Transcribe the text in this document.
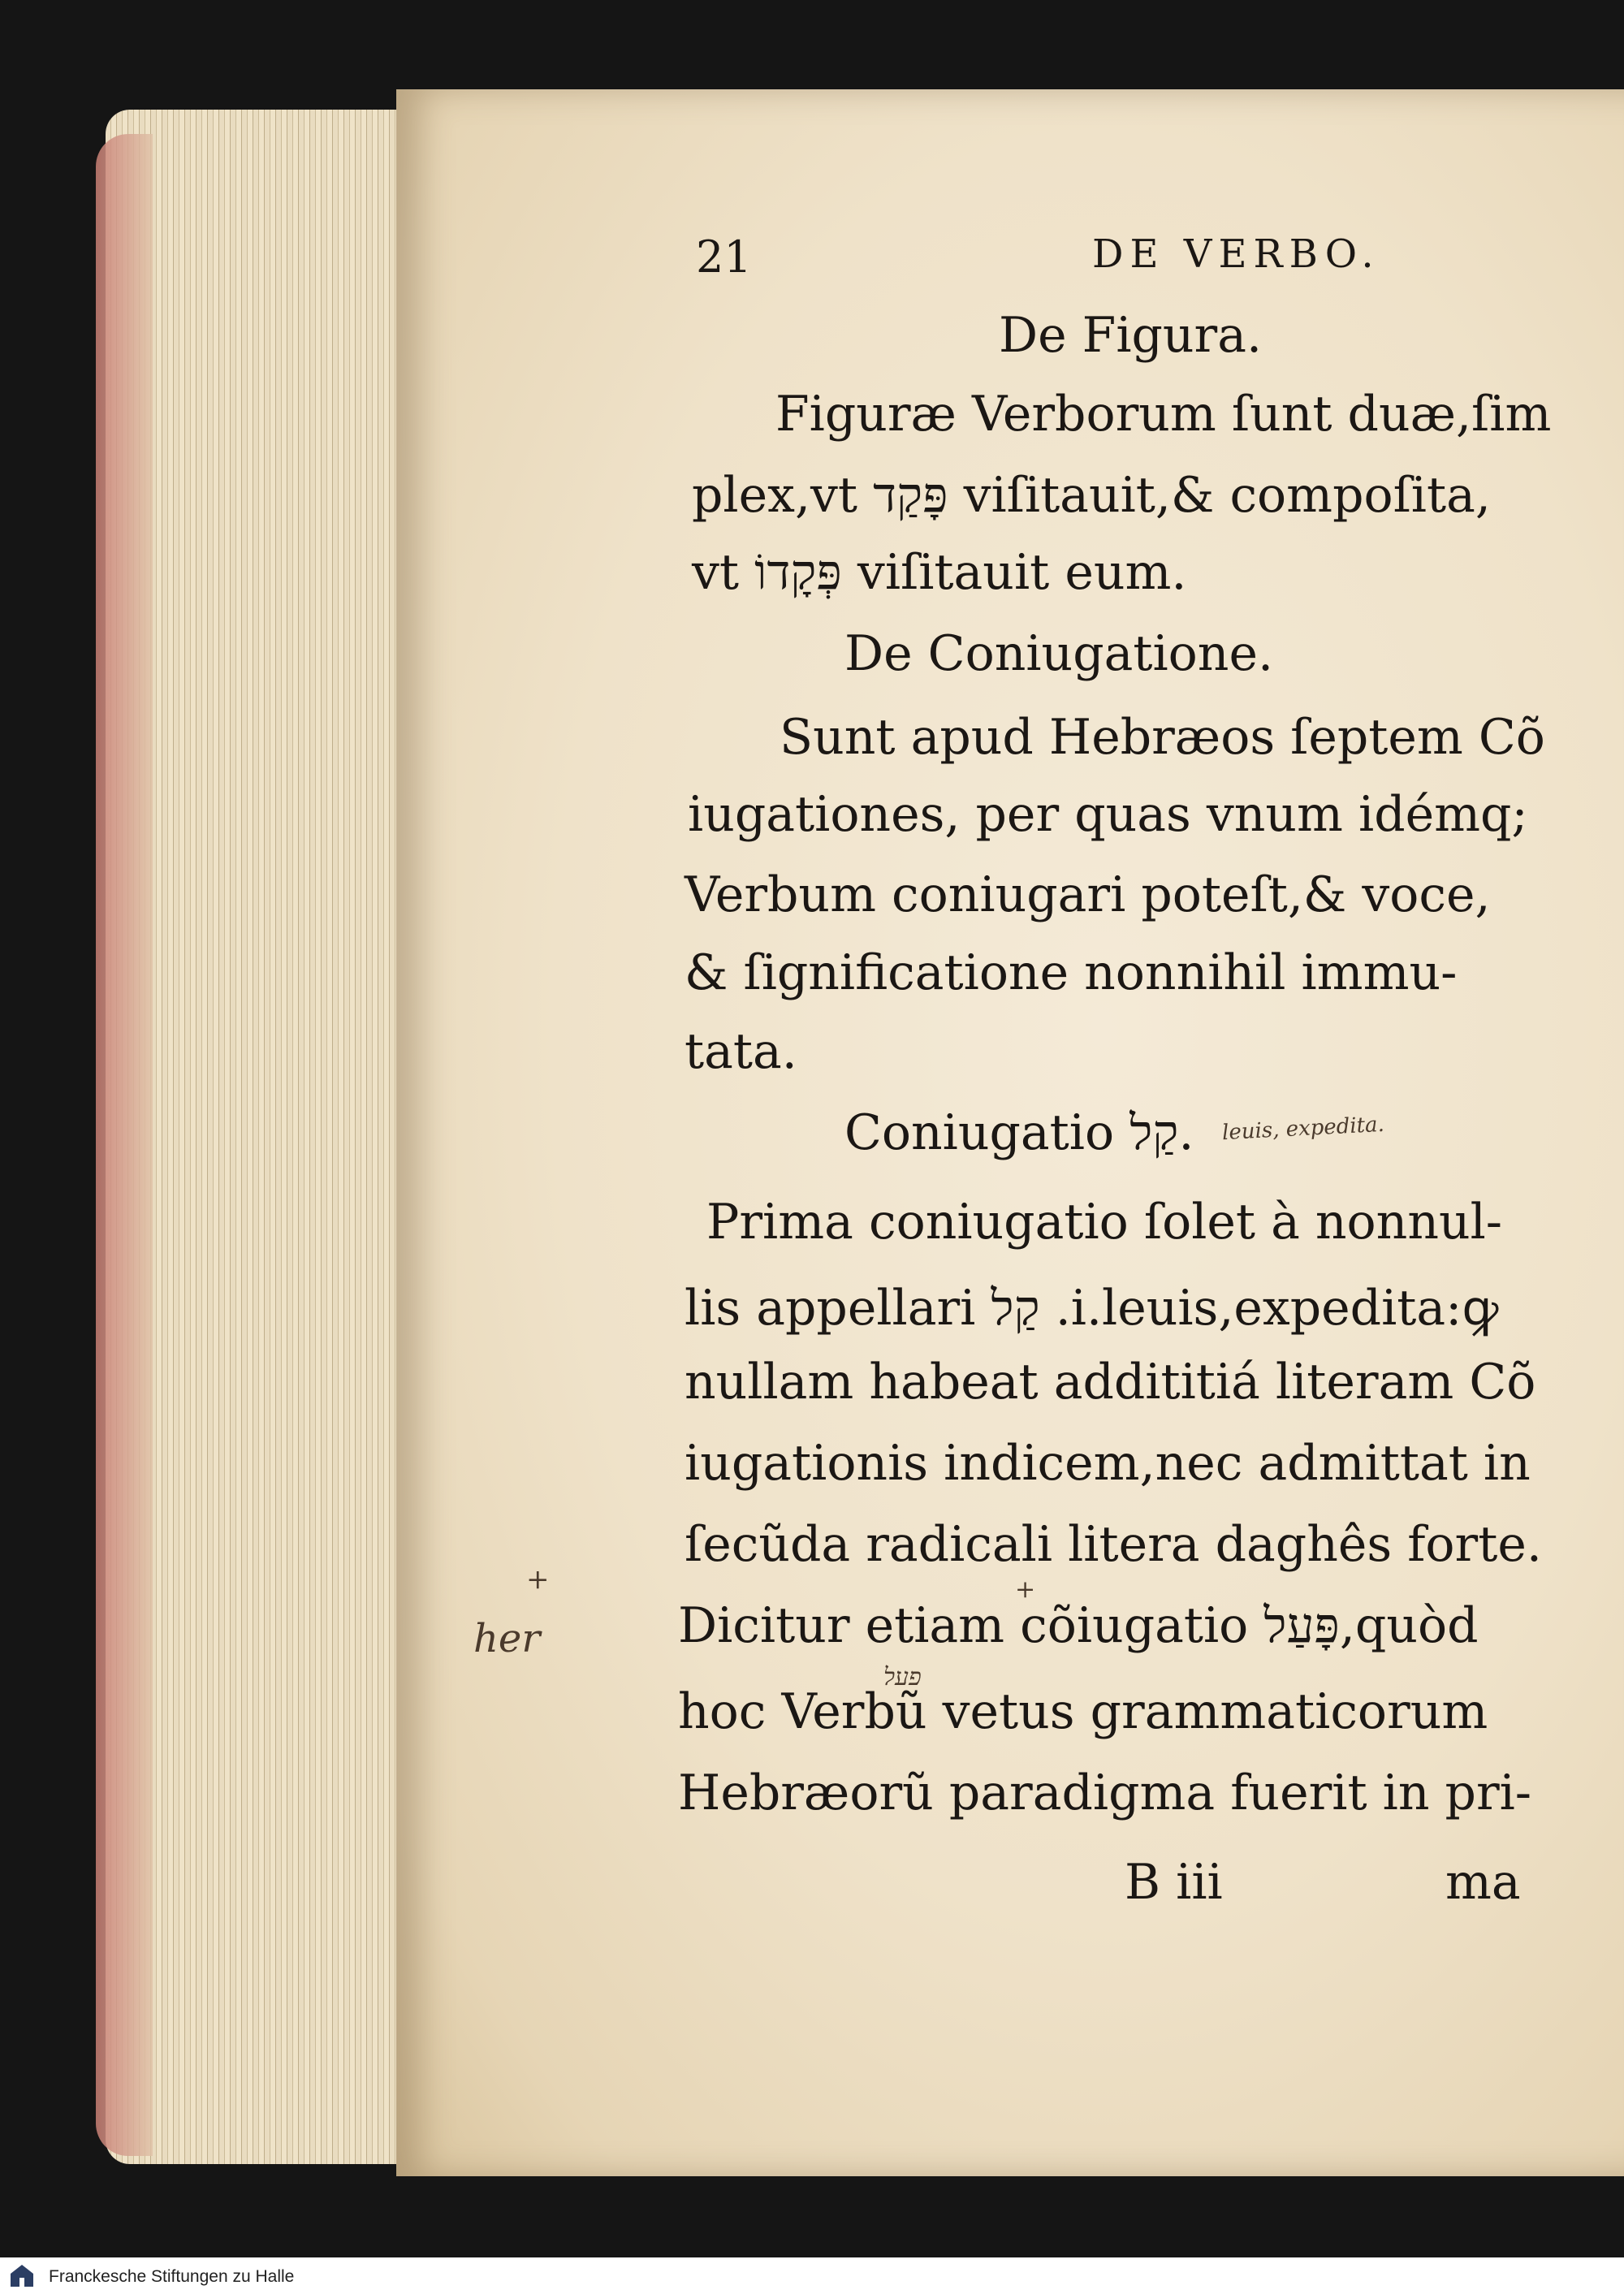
21	DE VERBO.
De Figura.
Figuræ Verborum ſunt duæ,ſim
plex,vt פָּקַד viſitauit,& compoſita,
vt פְּקָדוֹ viſitauit eum.
De Coniugatione.
Sunt apud Hebræos ſeptem Cõ
iugationes, per quas vnum idémq;
Verbum coniugari poteſt,& voce,
& ſignificatione nonnihil immu-
tata.
Coniugatio קַל.
Prima coniugatio ſolet à nonnul-
lis appellari קַל .i.leuis,expedita:ꝙ
nullam habeat addititiá literam Cõ
iugationis indicem,nec admittat in
ſecũda radicali litera daghês forte.
Dicitur etiam cõiugatio פָּעַל,quòd
hoc Verbũ vetus grammaticorum
Hebræorũ paradigma fuerit in pri-
B iii	ma
leuis, expedita.
+
her
+
פעל
Franckesche Stiftungen zu Halle
